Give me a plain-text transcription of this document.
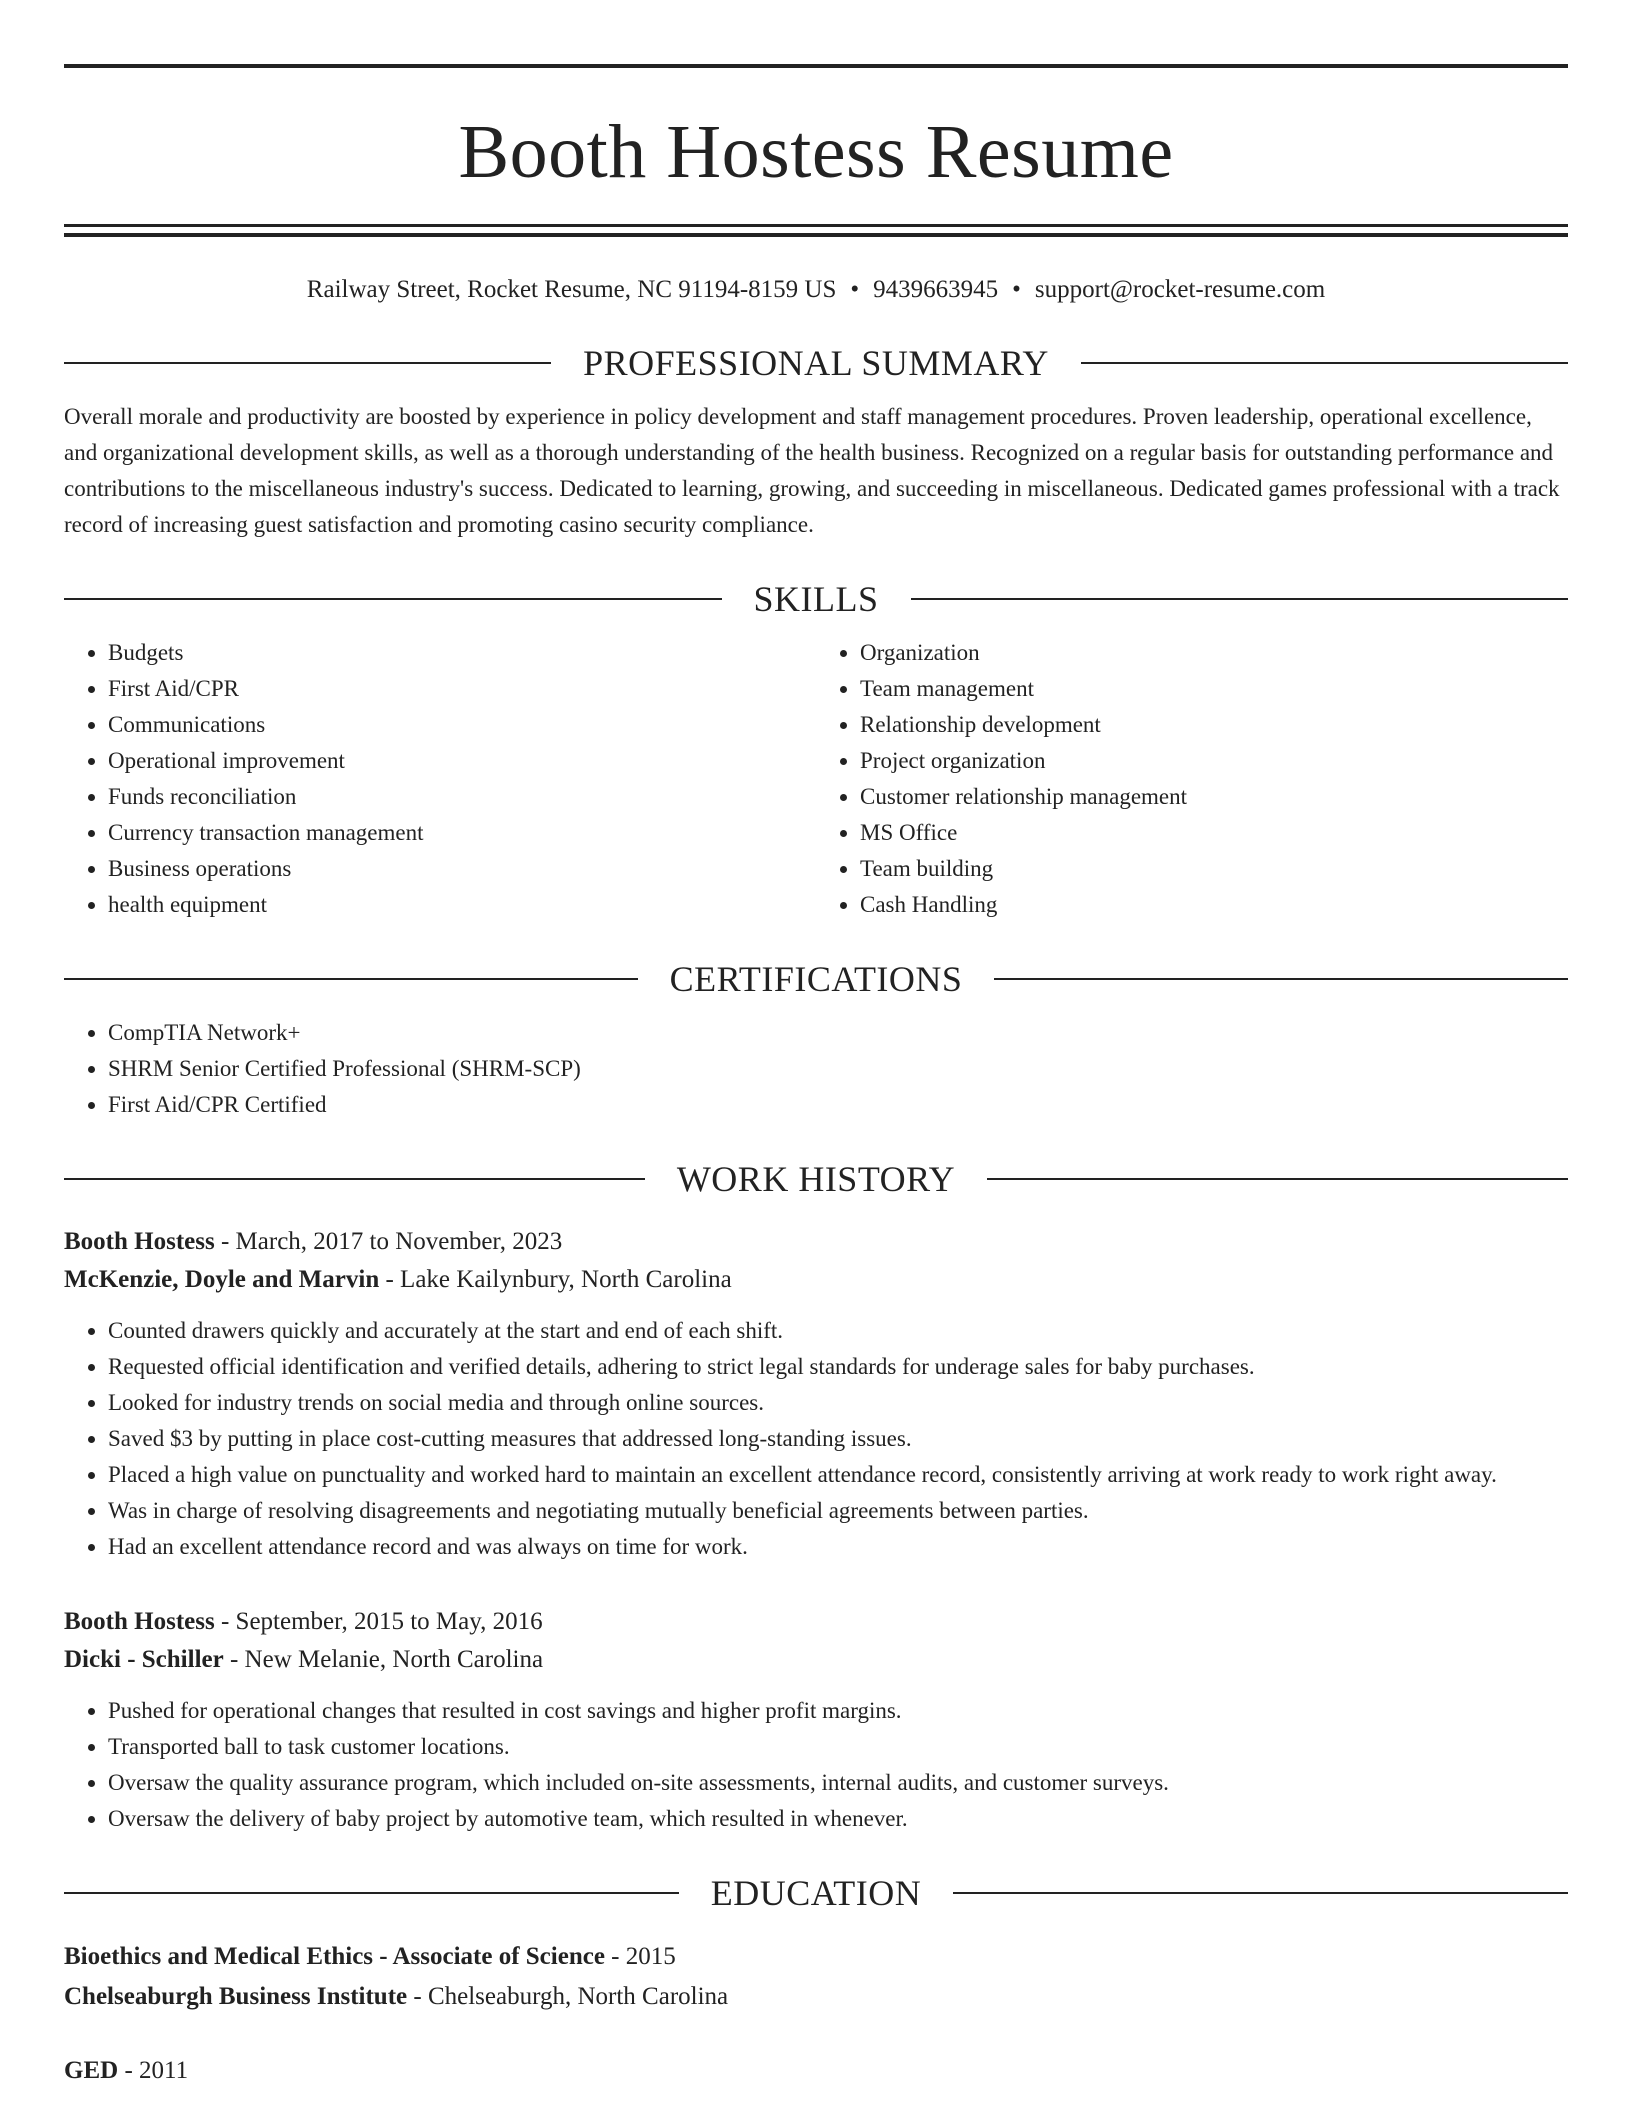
Booth Hostess Resume
Railway Street, Rocket Resume, NC 91194-8159 US • 9439663945 • support@rocket-resume.com
PROFESSIONAL SUMMARY
Overall morale and productivity are boosted by experience in policy development and staff management procedures. Proven leadership, operational excellence, and organizational development skills, as well as a thorough understanding of the health business. Recognized on a regular basis for outstanding performance and contributions to the miscellaneous industry's success. Dedicated to learning, growing, and succeeding in miscellaneous. Dedicated games professional with a track record of increasing guest satisfaction and promoting casino security compliance.
SKILLS
• Budgets
• First Aid/CPR
• Communications
• Operational improvement
• Funds reconciliation
• Currency transaction management
• Business operations
• health equipment
• Organization
• Team management
• Relationship development
• Project organization
• Customer relationship management
• MS Office
• Team building
• Cash Handling
CERTIFICATIONS
• CompTIA Network+
• SHRM Senior Certified Professional (SHRM-SCP)
• First Aid/CPR Certified
WORK HISTORY
Booth Hostess - March, 2017 to November, 2023
McKenzie, Doyle and Marvin - Lake Kailynbury, North Carolina
• Counted drawers quickly and accurately at the start and end of each shift.
• Requested official identification and verified details, adhering to strict legal standards for underage sales for baby purchases.
• Looked for industry trends on social media and through online sources.
• Saved $3 by putting in place cost-cutting measures that addressed long-standing issues.
• Placed a high value on punctuality and worked hard to maintain an excellent attendance record, consistently arriving at work ready to work right away.
• Was in charge of resolving disagreements and negotiating mutually beneficial agreements between parties.
• Had an excellent attendance record and was always on time for work.
Booth Hostess - September, 2015 to May, 2016
Dicki - Schiller - New Melanie, North Carolina
• Pushed for operational changes that resulted in cost savings and higher profit margins.
• Transported ball to task customer locations.
• Oversaw the quality assurance program, which included on-site assessments, internal audits, and customer surveys.
• Oversaw the delivery of baby project by automotive team, which resulted in whenever.
EDUCATION
Bioethics and Medical Ethics - Associate of Science - 2015
Chelseaburgh Business Institute - Chelseaburgh, North Carolina
GED - 2011
